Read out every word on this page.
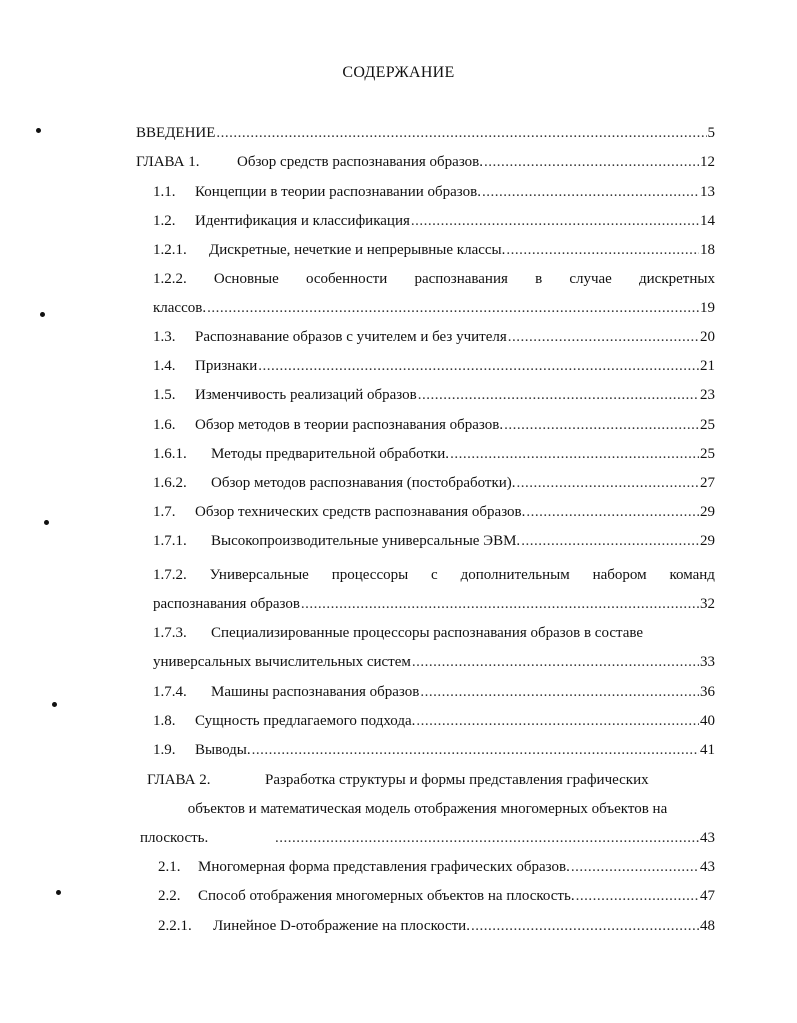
СОДЕРЖАНИЕ
ВВЕДЕНИЕ .....	5
ГЛАВА 1.	Обзор средств распознавания образов. .....	12
1.1.	Концепции в теории распознавании образов. .....	13
1.2.	Идентификация и классификация .....	14
1.2.1.	Дискретные, нечеткие и непрерывные классы. .....	18
1.2.2. Основные особенности распознавания в случае дискретных
классов. .....	19
1.3.	Распознавание образов с учителем и без учителя .....	20
1.4.	Признаки .....	21
1.5.	Изменчивость реализаций образов .....	23
1.6.	Обзор методов в теории распознавания образов. .....	25
1.6.1.	Методы предварительной обработки. .....	25
1.6.2.	Обзор методов распознавания (постобработки). .....	27
1.7.	Обзор технических средств распознавания образов. .....	29
1.7.1.	Высокопроизводительные универсальные ЭВМ. .....	29
1.7.2. Универсальные процессоры с дополнительным набором команд
распознавания образов .....	32
1.7.3.	Специализированные процессоры распознавания образов в составе
универсальных вычислительных систем .....	33
1.7.4.	Машины распознавания образов .....	36
1.8.	Сущность предлагаемого подхода. .....	40
1.9.	Выводы. .....	41
ГЛАВА 2.	Разработка структуры и формы представления графических
объектов и математическая модель отображения многомерных объектов на
плоскость. .....	43
2.1.	Многомерная форма представления графических образов. .....	43
2.2.	Способ отображения многомерных объектов на плоскость. .....	47
2.2.1.	Линейное D-отображение на плоскости. .....	48
